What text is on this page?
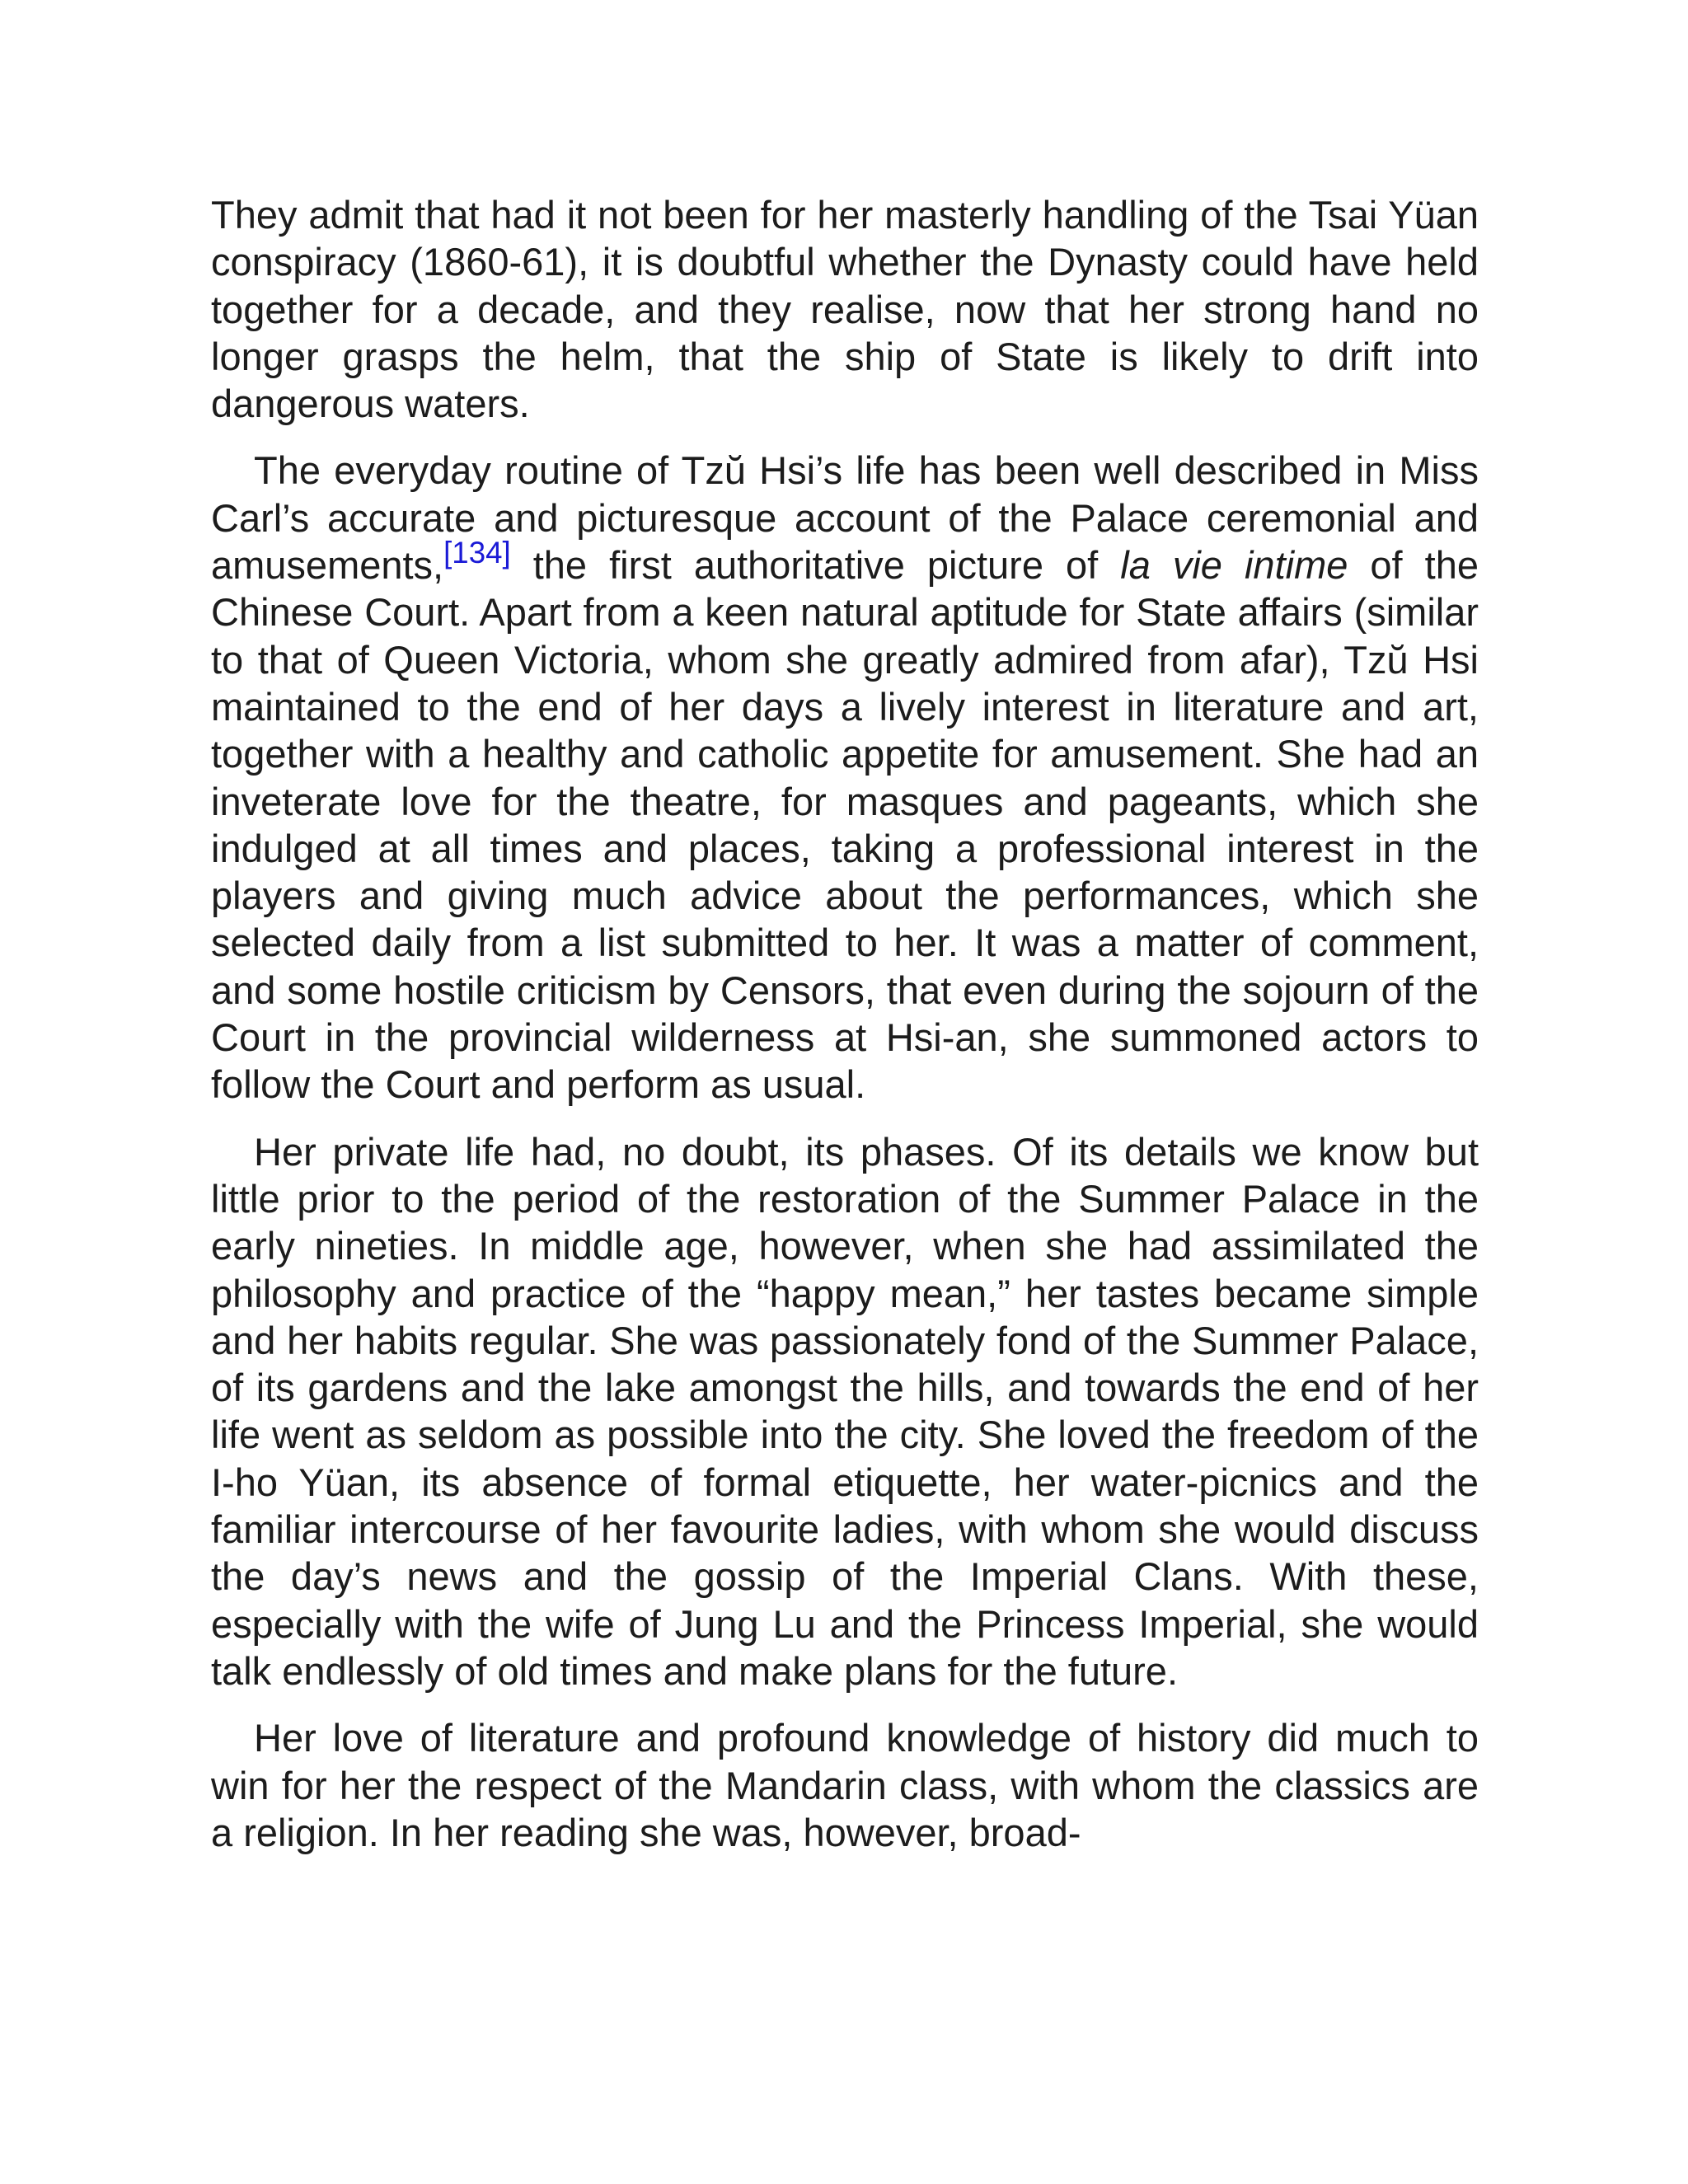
They admit that had it not been for her masterly handling of the Tsai Yüan conspiracy (1860-61), it is doubtful whether the Dynasty could have held together for a decade, and they realise, now that her strong hand no longer grasps the helm, that the ship of State is likely to drift into dangerous waters.

The everyday routine of Tzŭ Hsi’s life has been well described in Miss Carl’s accurate and picturesque account of the Palace ceremonial and amusements,[134] the first authoritative picture of la vie intime of the Chinese Court. Apart from a keen natural aptitude for State affairs (similar to that of Queen Victoria, whom she greatly admired from afar), Tzŭ Hsi maintained to the end of her days a lively interest in literature and art, together with a healthy and catholic appetite for amusement. She had an inveterate love for the theatre, for masques and pageants, which she indulged at all times and places, taking a professional interest in the players and giving much advice about the performances, which she selected daily from a list submitted to her. It was a matter of comment, and some hostile criticism by Censors, that even during the sojourn of the Court in the provincial wilderness at Hsi-an, she summoned actors to follow the Court and perform as usual.

Her private life had, no doubt, its phases. Of its details we know but little prior to the period of the restoration of the Summer Palace in the early nineties. In middle age, however, when she had assimilated the philosophy and practice of the “happy mean,” her tastes became simple and her habits regular. She was passionately fond of the Summer Palace, of its gardens and the lake amongst the hills, and towards the end of her life went as seldom as possible into the city. She loved the freedom of the I-ho Yüan, its absence of formal etiquette, her water-picnics and the familiar intercourse of her favourite ladies, with whom she would discuss the day’s news and the gossip of the Imperial Clans. With these, especially with the wife of Jung Lu and the Princess Imperial, she would talk endlessly of old times and make plans for the future.

Her love of literature and profound knowledge of history did much to win for her the respect of the Mandarin class, with whom the classics are a religion. In her reading she was, however, broad-
